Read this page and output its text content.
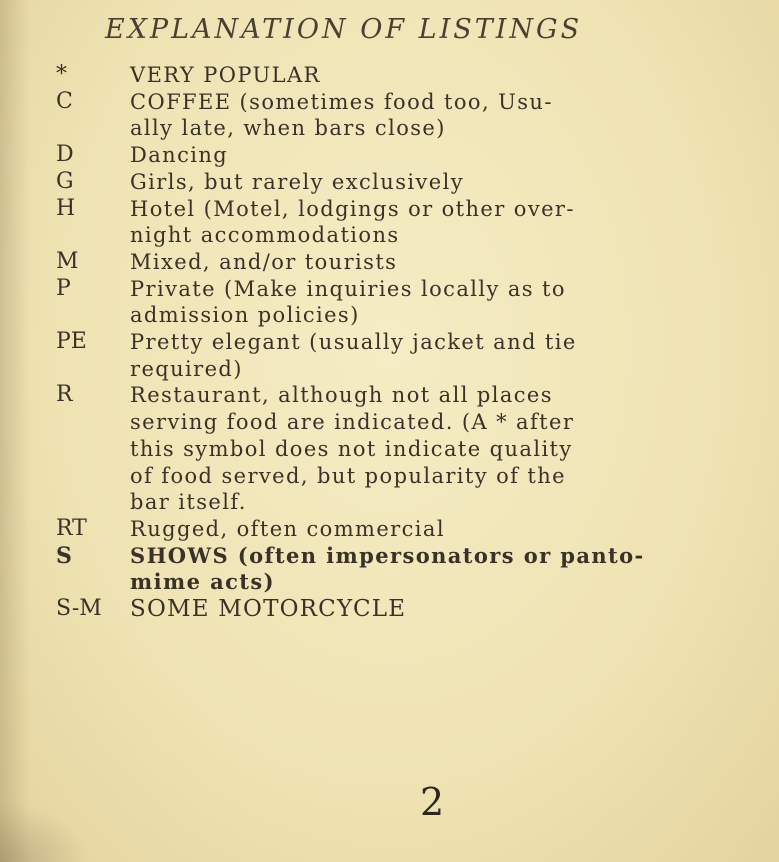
EXPLANATION OF LISTINGS
*	VERY POPULAR
C	COFFEE (sometimes food too, Usu-
ally late, when bars close)
D	Dancing
G	Girls, but rarely exclusively
H	Hotel (Motel, lodgings or other over-
night accommodations
M	Mixed, and/or tourists
P	Private (Make inquiries locally as to
admission policies)
PE	Pretty elegant (usually jacket and tie
required)
R	Restaurant, although not all places
serving food are indicated. (A * after
this symbol does not indicate quality
of food served, but popularity of the
bar itself.
RT	Rugged, often commercial
S	SHOWS (often impersonators or panto-
mime acts)
S-M	SOME MOTORCYCLE
2
